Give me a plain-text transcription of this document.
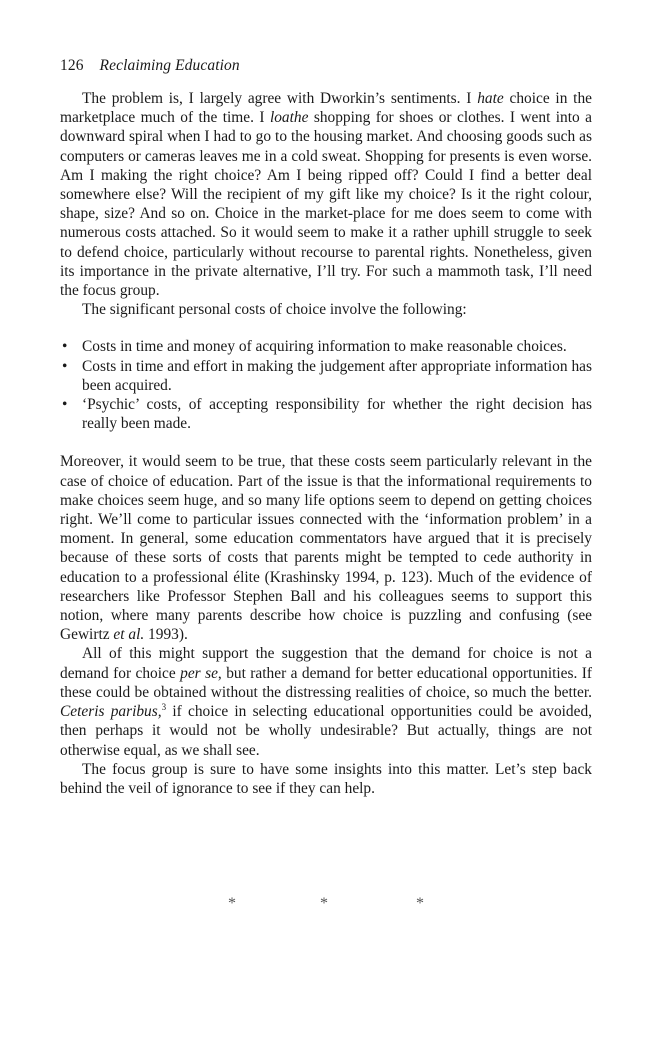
126 Reclaiming Education

The problem is, I largely agree with Dworkin’s sentiments. I hate choice in the marketplace much of the time. I loathe shopping for shoes or clothes. I went into a downward spiral when I had to go to the housing market. And choosing goods such as computers or cameras leaves me in a cold sweat. Shopping for presents is even worse. Am I making the right choice? Am I being ripped off? Could I find a better deal somewhere else? Will the recipient of my gift like my choice? Is it the right colour, shape, size? And so on. Choice in the market-place for me does seem to come with numerous costs attached. So it would seem to make it a rather uphill struggle to seek to defend choice, particularly without recourse to parental rights. Nonetheless, given its importance in the private alternative, I’ll try. For such a mammoth task, I’ll need the focus group.

The significant personal costs of choice involve the following:

• Costs in time and money of acquiring information to make reasonable choices.
• Costs in time and effort in making the judgement after appropriate information has been acquired.
• ‘Psychic’ costs, of accepting responsibility for whether the right decision has really been made.

Moreover, it would seem to be true, that these costs seem particularly relevant in the case of choice of education. Part of the issue is that the informational requirements to make choices seem huge, and so many life options seem to depend on getting choices right. We’ll come to particular issues connected with the ‘information problem’ in a moment. In general, some education commentators have argued that it is precisely because of these sorts of costs that parents might be tempted to cede authority in education to a professional élite (Krashinsky 1994, p. 123). Much of the evidence of researchers like Professor Stephen Ball and his colleagues seems to support this notion, where many parents describe how choice is puzzling and confusing (see Gewirtz et al. 1993).

All of this might support the suggestion that the demand for choice is not a demand for choice per se, but rather a demand for better educational opportunities. If these could be obtained without the distressing realities of choice, so much the better. Ceteris paribus,$^3$ if choice in selecting educational opportunities could be avoided, then perhaps it would not be wholly undesirable? But actually, things are not otherwise equal, as we shall see.

The focus group is sure to have some insights into this matter. Let’s step back behind the veil of ignorance to see if they can help.

*	*	*
